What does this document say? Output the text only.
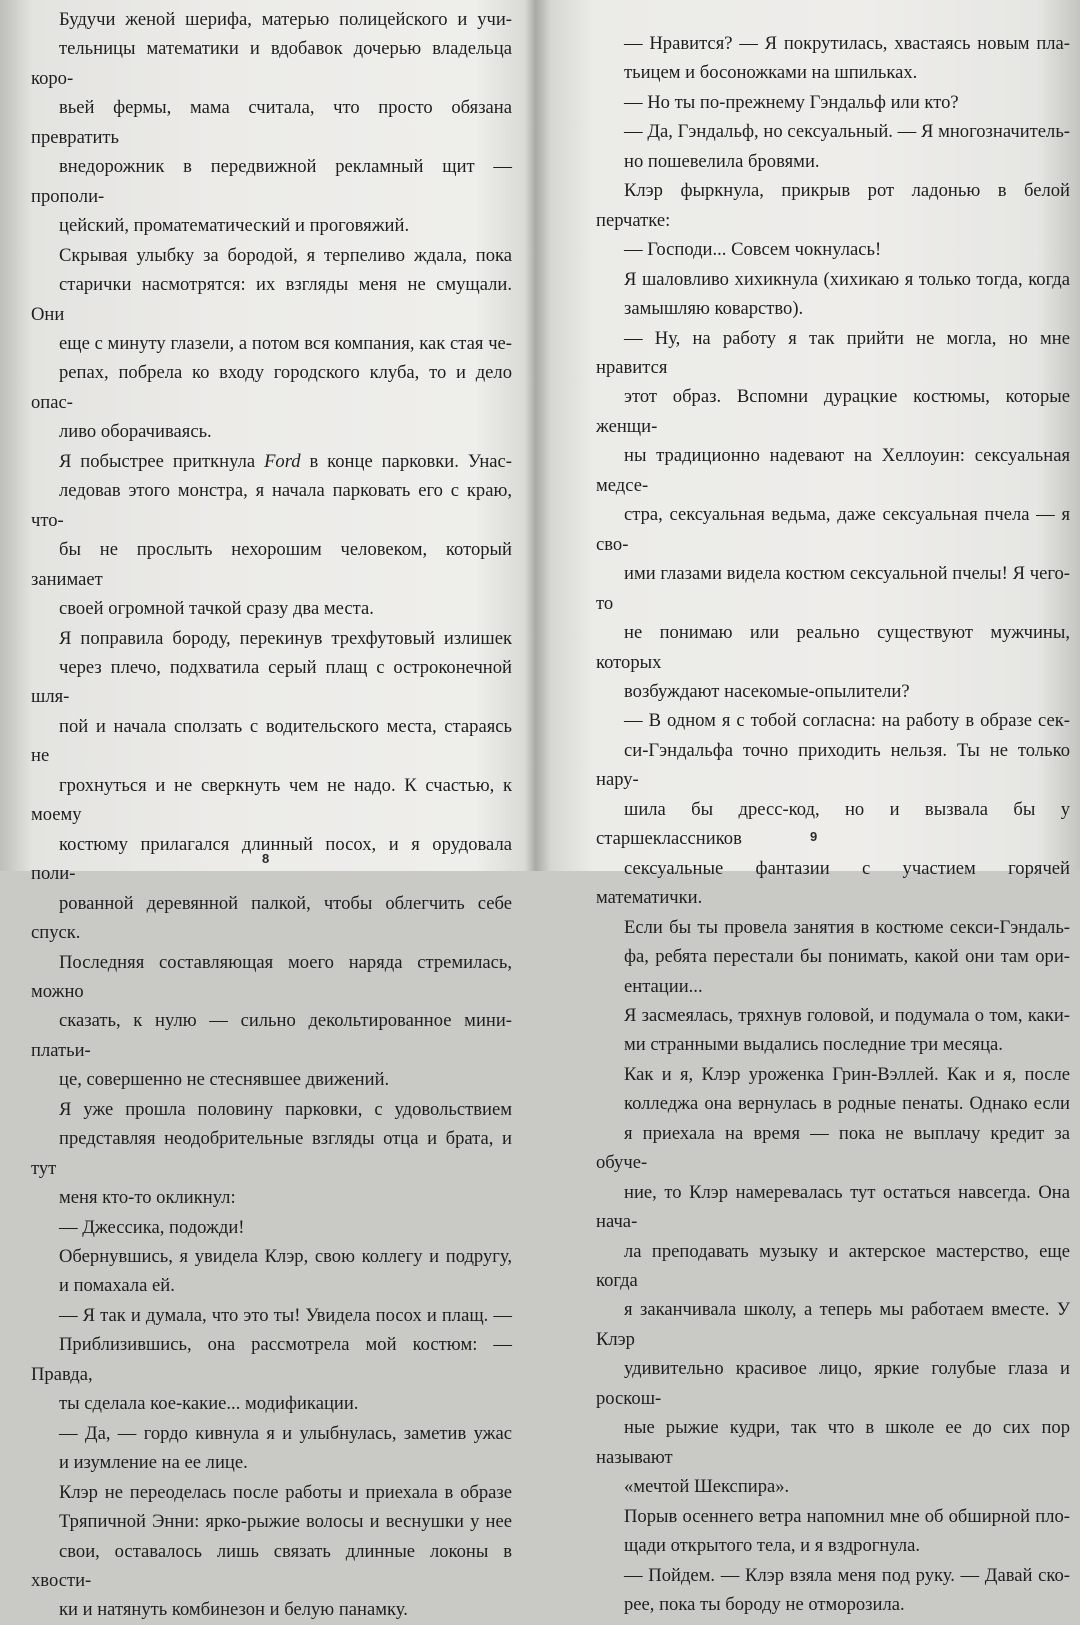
Будучи женой шерифа, матерью полицейского и учи-
тельницы математики и вдобавок дочерью владельца коро-
вьей фермы, мама считала, что просто обязана превратить
внедорожник в передвижной рекламный щит — пропoли-
цейский, проматематический и проговяжий.

Скрывая улыбку за бородой, я терпеливо ждала, пока
старички насмотрятся: их взгляды меня не смущали. Они
еще с минуту глазели, а потом вся компания, как стая че-
репах, побрела ко входу городского клуба, то и дело опас-
ливо оборачиваясь.

Я побыстрее приткнула Ford в конце парковки. Унас-
ледовав этого монстра, я начала парковать его с краю, что-
бы не прослыть нехорошим человеком, который занимает
своей огромной тачкой сразу два места.

Я поправила бороду, перекинув трехфутовый излишек
через плечо, подхватила серый плащ с остроконечной шля-
пой и начала сползать с водительского места, стараясь не
грохнуться и не сверкнуть чем не надо. К счастью, к моему
костюму прилагался длинный посох, и я орудовала поли-
рованной деревянной палкой, чтобы облегчить себе спуск.
Последняя составляющая моего наряда стремилась, можно
сказать, к нулю — сильно декольтированное мини-платьи-
це, совершенно не стеснявшее движений.

Я уже прошла половину парковки, с удовольствием
представляя неодобрительные взгляды отца и брата, и тут
меня кто-то окликнул:

— Джессика, подожди!

Обернувшись, я увидела Клэр, свою коллегу и подругу,
и помахала ей.

— Я так и думала, что это ты! Увидела посох и плащ. —
Приблизившись, она рассмотрела мой костюм: — Правда,
ты сделала кое-какие... модификации.

— Да, — гордо кивнула я и улыбнулась, заметив ужас
и изумление на ее лице.

Клэр не переоделась после работы и приехала в образе
Тряпичной Энни: ярко-рыжие волосы и веснушки у нее
свои, оставалось лишь связать длинные локоны в хвости-
ки и натянуть комбинезон и белую панамку.

8

— Нравится? — Я покрутилась, хвастаясь новым пла-
тьицем и босоножками на шпильках.

— Но ты по-прежнему Гэндальф или кто?

— Да, Гэндальф, но сексуальный. — Я многозначитель-
но пошевелила бровями.

Клэр фыркнула, прикрыв рот ладонью в белой перчатке:

— Господи... Совсем чокнулась!

Я шаловливо хихикнула (хихикаю я только тогда, когда
замышляю коварство).

— Ну, на работу я так прийти не могла, но мне нравится
этот образ. Вспомни дурацкие костюмы, которые женщи-
ны традиционно надевают на Хеллоуин: сексуальная медсе-
стра, сексуальная ведьма, даже сексуальная пчела — я сво-
ими глазами видела костюм сексуальной пчелы! Я чего-то
не понимаю или реально существуют мужчины, которых
возбуждают насекомые-опылители?

— В одном я с тобой согласна: на работу в образе сек-
си-Гэндальфа точно приходить нельзя. Ты не только нару-
шила бы дресс-код, но и вызвала бы у старшеклассников
сексуальные фантазии с участием горячей математички.
Если бы ты провела занятия в костюме секси-Гэндаль-
фа, ребята перестали бы понимать, какой они там ори-
ентации...

Я засмеялась, тряхнув головой, и подумала о том, каки-
ми странными выдались последние три месяца.

Как и я, Клэр уроженка Грин-Вэллей. Как и я, после
колледжа она вернулась в родные пенаты. Однако если
я приехала на время — пока не выплачу кредит за обуче-
ние, то Клэр намеревалась тут остаться навсегда. Она нача-
ла преподавать музыку и актерское мастерство, еще когда
я заканчивала школу, а теперь мы работаем вместе. У Клэр
удивительно красивое лицо, яркие голубые глаза и роскош-
ные рыжие кудри, так что в школе ее до сих пор называют
«мечтой Шекспира».

Порыв осеннего ветра напомнил мне об обширной пло-
щади открытого тела, и я вздрогнула.

— Пойдем. — Клэр взяла меня под руку. — Давай ско-
рее, пока ты бороду не отморозила.

9
